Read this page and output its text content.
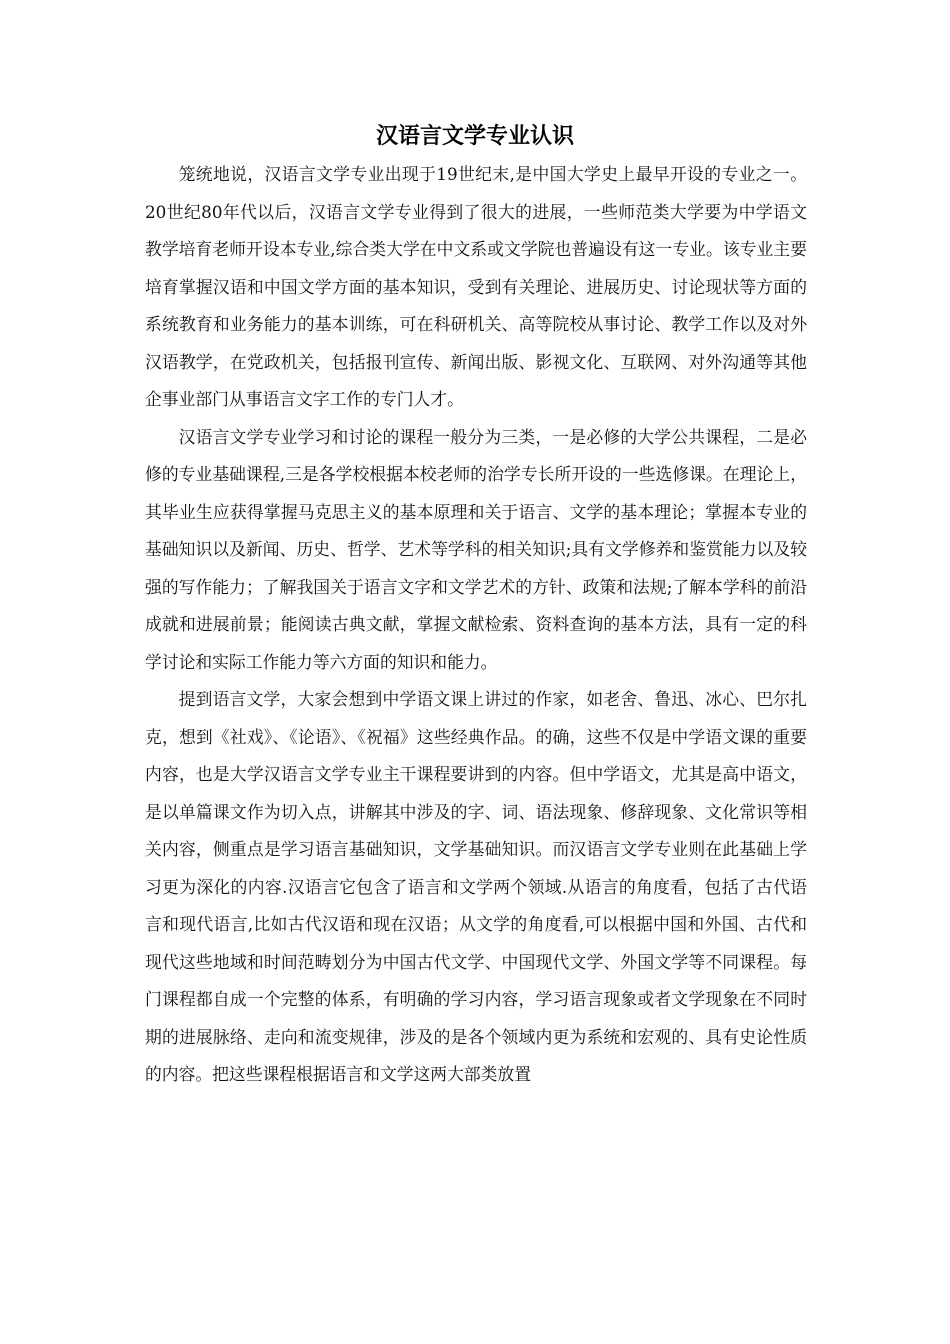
汉语言文学专业认识

笼统地说，汉语言文学专业出现于19世纪末,是中国大学史上最早开设的专业之一。20世纪80年代以后，汉语言文学专业得到了很大的进展，一些师范类大学要为中学语文教学培育老师开设本专业,综合类大学在中文系或文学院也普遍设有这一专业。该专业主要培育掌握汉语和中国文学方面的基本知识，受到有关理论、进展历史、讨论现状等方面的系统教育和业务能力的基本训练，可在科研机关、高等院校从事讨论、教学工作以及对外汉语教学，在党政机关，包括报刊宣传、新闻出版、影视文化、互联网、对外沟通等其他企事业部门从事语言文字工作的专门人才。

汉语言文学专业学习和讨论的课程一般分为三类，一是必修的大学公共课程，二是必修的专业基础课程,三是各学校根据本校老师的治学专长所开设的一些选修课。在理论上，其毕业生应获得掌握马克思主义的基本原理和关于语言、文学的基本理论；掌握本专业的基础知识以及新闻、历史、哲学、艺术等学科的相关知识;具有文学修养和鉴赏能力以及较强的写作能力；了解我国关于语言文字和文学艺术的方针、政策和法规;了解本学科的前沿成就和进展前景；能阅读古典文献，掌握文献检索、资料查询的基本方法，具有一定的科学讨论和实际工作能力等六方面的知识和能力。

提到语言文学，大家会想到中学语文课上讲过的作家，如老舍、鲁迅、冰心、巴尔扎克，想到《社戏》、《论语》、《祝福》这些经典作品。的确，这些不仅是中学语文课的重要内容，也是大学汉语言文学专业主干课程要讲到的内容。但中学语文，尤其是高中语文，是以单篇课文作为切入点，讲解其中涉及的字、词、语法现象、修辞现象、文化常识等相关内容，侧重点是学习语言基础知识，文学基础知识。而汉语言文学专业则在此基础上学习更为深化的内容.汉语言它包含了语言和文学两个领域.从语言的角度看，包括了古代语言和现代语言,比如古代汉语和现在汉语；从文学的角度看,可以根据中国和外国、古代和现代这些地域和时间范畴划分为中国古代文学、中国现代文学、外国文学等不同课程。每门课程都自成一个完整的体系，有明确的学习内容，学习语言现象或者文学现象在不同时期的进展脉络、走向和流变规律，涉及的是各个领域内更为系统和宏观的、具有史论性质的内容。把这些课程根据语言和文学这两大部类放置
